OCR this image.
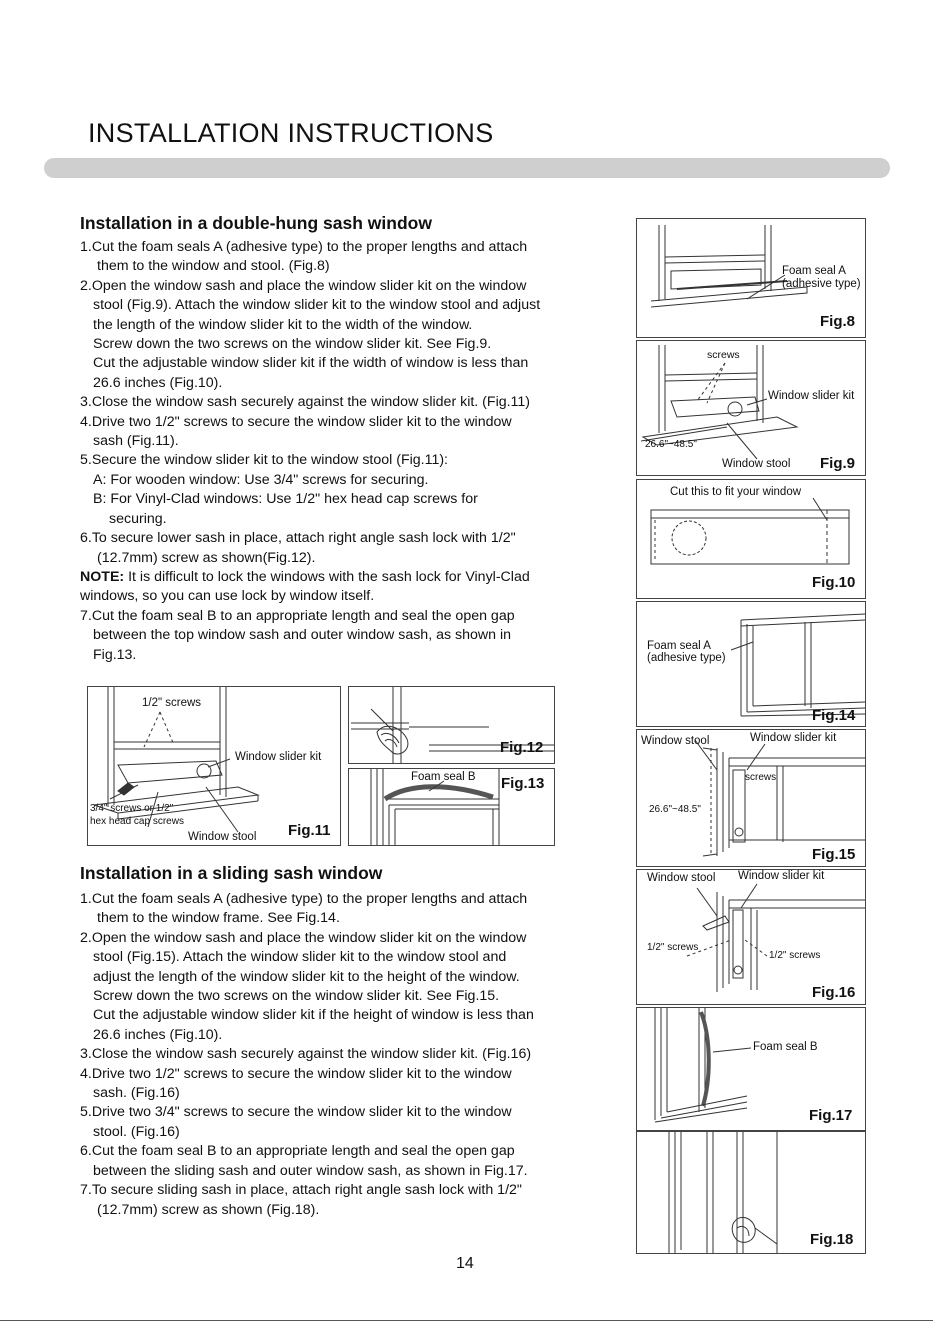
INSTALLATION INSTRUCTIONS
Installation in a double-hung sash window

1.Cut the foam seals A (adhesive type) to the proper lengths and attach

them to the window and stool. (Fig.8)

2.Open the window sash and place the window slider kit on the window

stool (Fig.9). Attach the window slider kit to the window stool and adjust

the length of the window slider kit to the width of the window.

Screw down the two screws on the window slider kit. See Fig.9.

Cut the adjustable window slider kit if the width of window is less than

26.6 inches (Fig.10).

3.Close the window sash securely against the window slider kit. (Fig.11)

4.Drive two 1/2" screws to secure the window slider kit to the window

sash (Fig.11).

5.Secure the window slider kit to the window stool (Fig.11):

A: For wooden window: Use 3/4" screws for securing.

B: For Vinyl-Clad windows: Use 1/2" hex head cap screws for

securing.

6.To secure lower sash in place, attach right angle sash lock with 1/2"

(12.7mm) screw as shown(Fig.12).

NOTE: It is difficult to lock the windows with the sash lock for Vinyl-Clad

windows, so you can use lock by window itself.

7.Cut the foam seal B to an appropriate length and seal the open gap

between the top window sash and outer window sash, as shown in

Fig.13.

1/2" screws
Window slider kit
3/4" screws or 1/2"
hex head cap screws
Window stool Fig.11
Fig.12
Foam seal B Fig.13
Installation in a sliding sash window

1.Cut the foam seals A (adhesive type) to the proper lengths and attach

them to the window frame. See Fig.14.

2.Open the window sash and place the window slider kit on the window

stool (Fig.15). Attach the window slider kit to the window stool and

adjust the length of the window slider kit to the height of the window.

Screw down the two screws on the window slider kit. See Fig.15.

Cut the adjustable window slider kit if the height of window is less than

26.6 inches (Fig.10).

3.Close the window sash securely against the window slider kit. (Fig.16)

4.Drive two 1/2" screws to secure the window slider kit to the window

sash. (Fig.16)

5.Drive two 3/4" screws to secure the window slider kit to the window

stool. (Fig.16)

6.Cut the foam seal B to an appropriate length and seal the open gap

between the sliding sash and outer window sash, as shown in Fig.17.

7.To secure sliding sash in place, attach right angle sash lock with 1/2"

(12.7mm) screw as shown (Fig.18).

Foam seal A
(adhesive type)
Fig.8
screws
Window slider kit
26.6"~48.5"
Window stool Fig.9
Cut this to fit your window
Fig.10
Foam seal A
(adhesive type)
Fig.14
Window stool	Window slider kit
screws
26.6"~48.5"
Fig.15
Window stool Window slider kit
1/2" screws
1/2" screws
Fig.16
Foam seal B
Fig.17
Fig.18
14
